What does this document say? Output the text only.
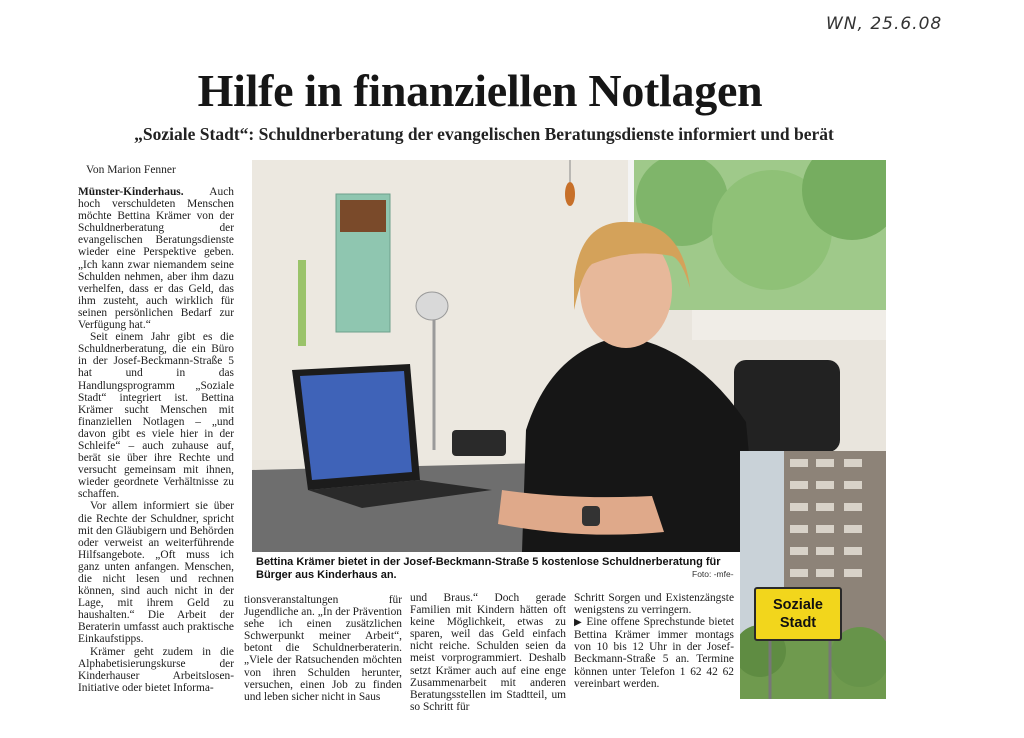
WN, 25.6.08
Hilfe in finanziellen Notlagen
„Soziale Stadt“: Schuldnerberatung der evangelischen Beratungsdienste informiert und berät
Von Marion Fenner

Münster-Kinderhaus. Auch hoch verschuldeten Menschen möchte Bettina Krämer von der Schuldnerberatung der evangelischen Beratungsdienste wieder eine Perspektive geben. „Ich kann zwar niemandem seine Schulden nehmen, aber ihm dazu verhelfen, dass er das Geld, das ihm zusteht, auch wirklich für seinen persönlichen Bedarf zur Verfügung hat.“

Seit einem Jahr gibt es die Schuldnerberatung, die ein Büro in der Josef-Beckmann-Straße 5 hat und in das Handlungsprogramm „Soziale Stadt“ integriert ist. Bettina Krämer sucht Menschen mit finanziellen Notlagen – „und davon gibt es viele hier in der Schleife“ – auch zuhause auf, berät sie über ihre Rechte und versucht gemeinsam mit ihnen, wieder geordnete Verhältnisse zu schaffen.

Vor allem informiert sie über die Rechte der Schuldner, spricht mit den Gläubigern und Behörden oder verweist an weiterführende Hilfsangebote. „Oft muss ich ganz unten anfangen. Menschen, die nicht lesen und rechnen können, sind auch nicht in der Lage, mit ihrem Geld zu haushalten.“ Die Arbeit der Beraterin umfasst auch praktische Einkaufstipps.

Krämer geht zudem in die Alphabetisierungskurse der Kinderhauser Arbeitslosen-Initiative oder bietet Informa-

Bettina Krämer bietet in der Josef-Beckmann-Straße 5 kostenlose Schuldnerberatung für Bürger aus Kinderhaus an.	Foto: -mfe-

tionsveranstaltungen für Jugendliche an. „In der Prävention sehe ich einen zusätzlichen Schwerpunkt meiner Arbeit“, betont die Schuldnerberaterin. „Viele der Ratsuchenden möchten von ihren Schulden herunter, versuchen, einen Job zu finden und leben sicher nicht in Saus

und Braus.“ Doch gerade Familien mit Kindern hätten oft keine Möglichkeit, etwas zu sparen, weil das Geld einfach nicht reiche. Schulden seien da meist vorprogrammiert. Deshalb setzt Krämer auch auf eine enge Zusammenarbeit mit anderen Beratungsstellen im Stadtteil, um so Schritt für

Schritt Sorgen und Existenzängste wenigstens zu verringern.

▶ Eine offene Sprechstunde bietet Bettina Krämer immer montags von 10 bis 12 Uhr in der Josef-Beckmann-Straße 5 an. Termine können unter Telefon 1 62 42 62 vereinbart werden.

Soziale
Stadt
